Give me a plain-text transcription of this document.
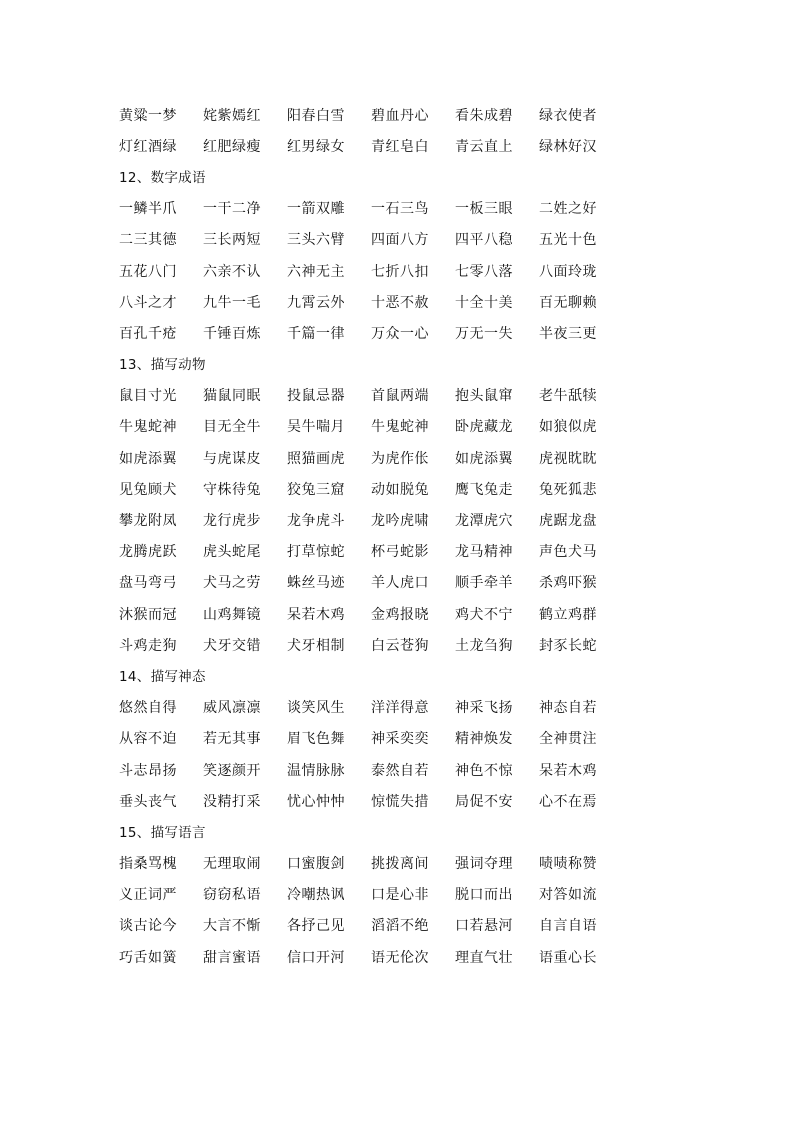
黄粱一梦	姹紫嫣红	阳春白雪	碧血丹心	看朱成碧	绿衣使者
灯红酒绿	红肥绿瘦	红男绿女	青红皂白	青云直上	绿林好汉
12、数字成语
一鳞半爪	一干二净	一箭双雕	一石三鸟	一板三眼	二姓之好
二三其德	三长两短	三头六臂	四面八方	四平八稳	五光十色
五花八门	六亲不认	六神无主	七折八扣	七零八落	八面玲珑
八斗之才	九牛一毛	九霄云外	十恶不赦	十全十美	百无聊赖
百孔千疮	千锤百炼	千篇一律	万众一心	万无一失	半夜三更
13、描写动物
鼠目寸光	猫鼠同眠	投鼠忌器	首鼠两端	抱头鼠窜	老牛舐犊
牛鬼蛇神	目无全牛	吴牛喘月	牛鬼蛇神	卧虎藏龙	如狼似虎
如虎添翼	与虎谋皮	照猫画虎	为虎作伥	如虎添翼	虎视眈眈
见兔顾犬	守株待兔	狡兔三窟	动如脱兔	鹰飞兔走	兔死狐悲
攀龙附凤	龙行虎步	龙争虎斗	龙吟虎啸	龙潭虎穴	虎踞龙盘
龙腾虎跃	虎头蛇尾	打草惊蛇	杯弓蛇影	龙马精神	声色犬马
盘马弯弓	犬马之劳	蛛丝马迹	羊人虎口	顺手牵羊	杀鸡吓猴
沐猴而冠	山鸡舞镜	呆若木鸡	金鸡报晓	鸡犬不宁	鹤立鸡群
斗鸡走狗	犬牙交错	犬牙相制	白云苍狗	土龙刍狗	封豕长蛇
14、描写神态
悠然自得	威风凛凛	谈笑风生	洋洋得意	神采飞扬	神态自若
从容不迫	若无其事	眉飞色舞	神采奕奕	精神焕发	全神贯注
斗志昂扬	笑逐颜开	温情脉脉	泰然自若	神色不惊	呆若木鸡
垂头丧气	没精打采	忧心忡忡	惊慌失措	局促不安	心不在焉
15、描写语言
指桑骂槐	无理取闹	口蜜腹剑	挑拨离间	强词夺理	啧啧称赞
义正词严	窃窃私语	冷嘲热讽	口是心非	脱口而出	对答如流
谈古论今	大言不惭	各抒己见	滔滔不绝	口若悬河	自言自语
巧舌如簧	甜言蜜语	信口开河	语无伦次	理直气壮	语重心长
